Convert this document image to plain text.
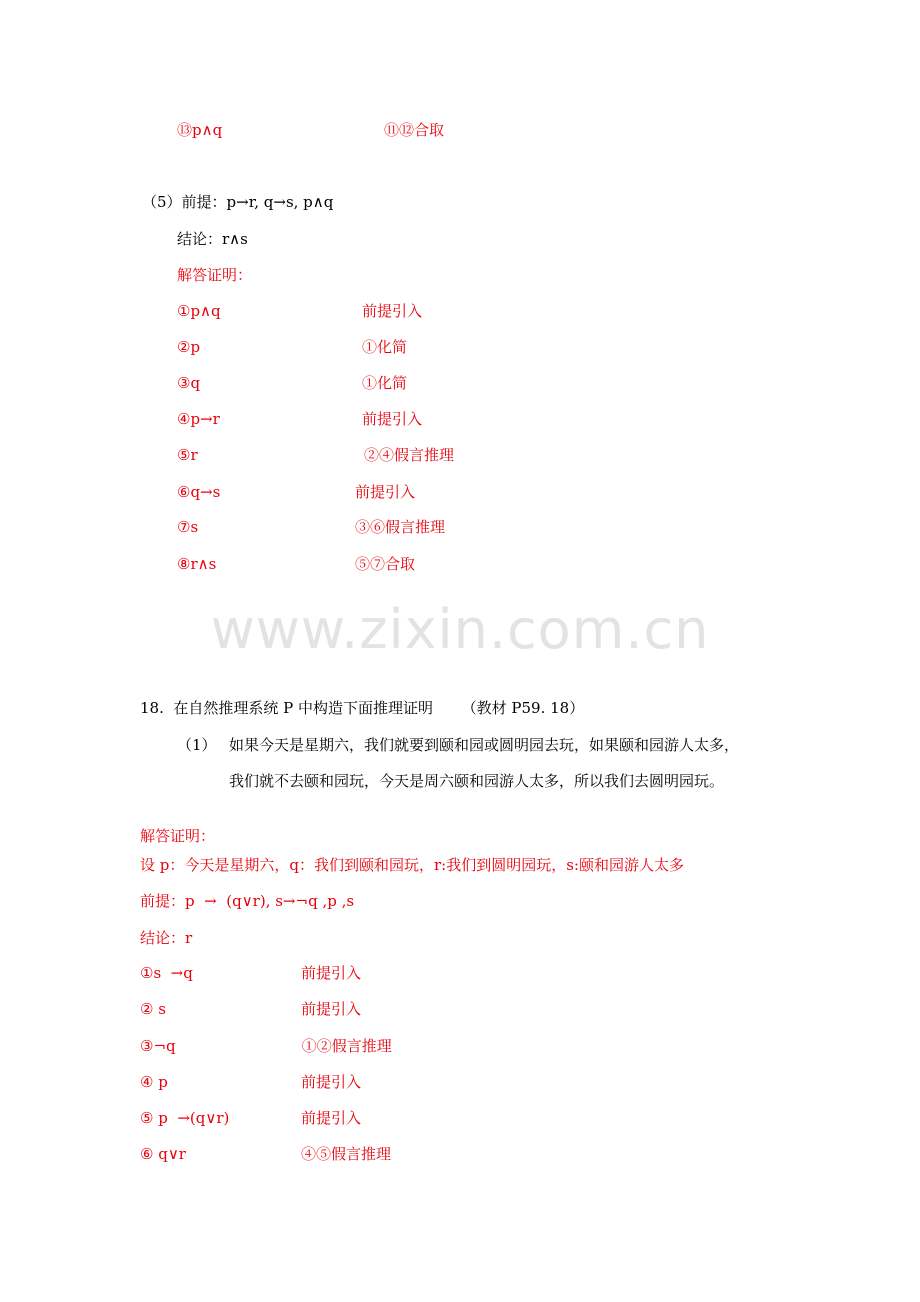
⑬p∧q	⑪⑫合取
（5）前提：p→r, q→s, p∧q
结论：r∧s
解答证明：
①p∧q	前提引入
②p	①化简
③q	①化简
④p→r	前提引入
⑤r	②④假言推理
⑥q→s	前提引入
⑦s	③⑥假言推理
⑧r∧s	⑤⑦合取
www.zixin.com.cn
18.  在自然推理系统 P 中构造下面推理证明      （教材 P59. 18）
（1） 如果今天是星期六，我们就要到颐和园或圆明园去玩，如果颐和园游人太多，
我们就不去颐和园玩，今天是周六颐和园游人太多，所以我们去圆明园玩。
解答证明：
设 p：今天是星期六，q：我们到颐和园玩，r:我们到圆明园玩，s:颐和园游人太多
前提：p  →  (q∨r), s→¬q ,p ,s
结论：r
①s  →q	前提引入
② s	前提引入
③¬q	①②假言推理
④ p	前提引入
⑤ p  →(q∨r)	前提引入
⑥ q∨r	④⑤假言推理
